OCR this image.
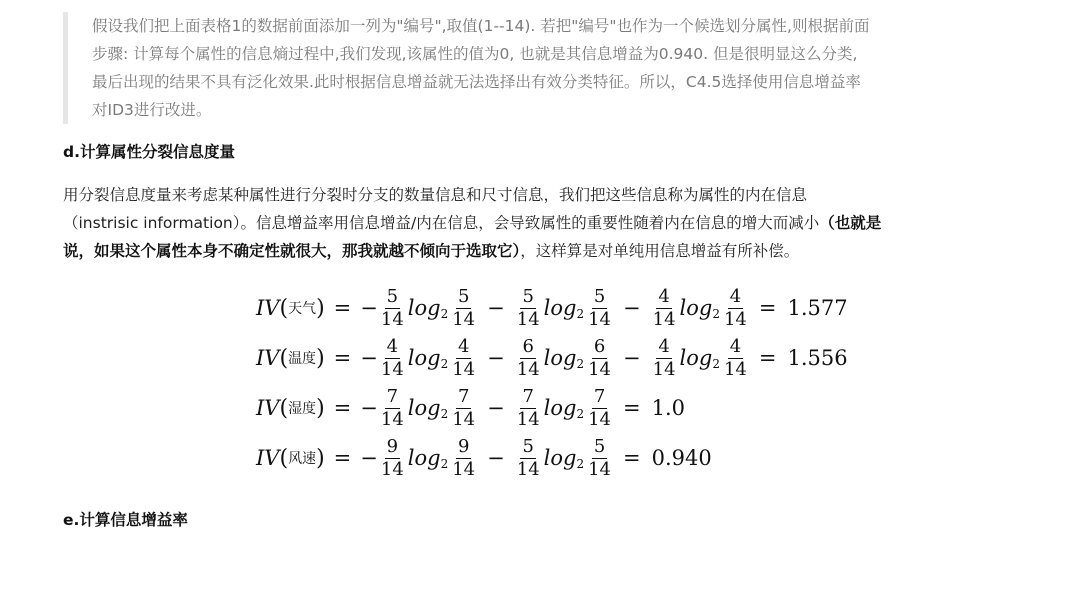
假设我们把上面表格1的数据前面添加一列为"编号",取值(1--14). 若把"编号"也作为一个候选划分属性,则根据前面

步骤: 计算每个属性的信息熵过程中,我们发现,该属性的值为0, 也就是其信息增益为0.940. 但是很明显这么分类,

最后出现的结果不具有泛化效果.此时根据信息增益就无法选择出有效分类特征。所以，C4.5选择使用信息增益率

对ID3进行改进。

d.计算属性分裂信息度量

用分裂信息度量来考虑某种属性进行分裂时分支的数量信息和尺寸信息，我们把这些信息称为属性的内在信息
（instrisic information）。信息增益率用信息增益/内在信息，会导致属性的重要性随着内在信息的增大而减小（也就是
说，如果这个属性本身不确定性就很大，那我就越不倾向于选取它），这样算是对单纯用信息增益有所补偿。

IV ( 天气 ) = − $\frac{5}{14} \log_2 \frac{5}{14} - \frac{5}{14} \log_2 \frac{5}{14} - \frac{4}{14} \log_2 \frac{4}{14} = 1.577$
IV ( 温度 ) = − $\frac{4}{14} \log_2 \frac{4}{14} - \frac{6}{14} \log_2 \frac{6}{14} - \frac{4}{14} \log_2 \frac{4}{14} = 1.556$
IV ( 湿度 ) = − $\frac{7}{14} \log_2 \frac{7}{14} - \frac{7}{14} \log_2 \frac{7}{14} = 1.0$
IV ( 风速 ) = − $\frac{9}{14} \log_2 \frac{9}{14} - \frac{5}{14} \log_2 \frac{5}{14} = 0.940$
e.计算信息增益率
